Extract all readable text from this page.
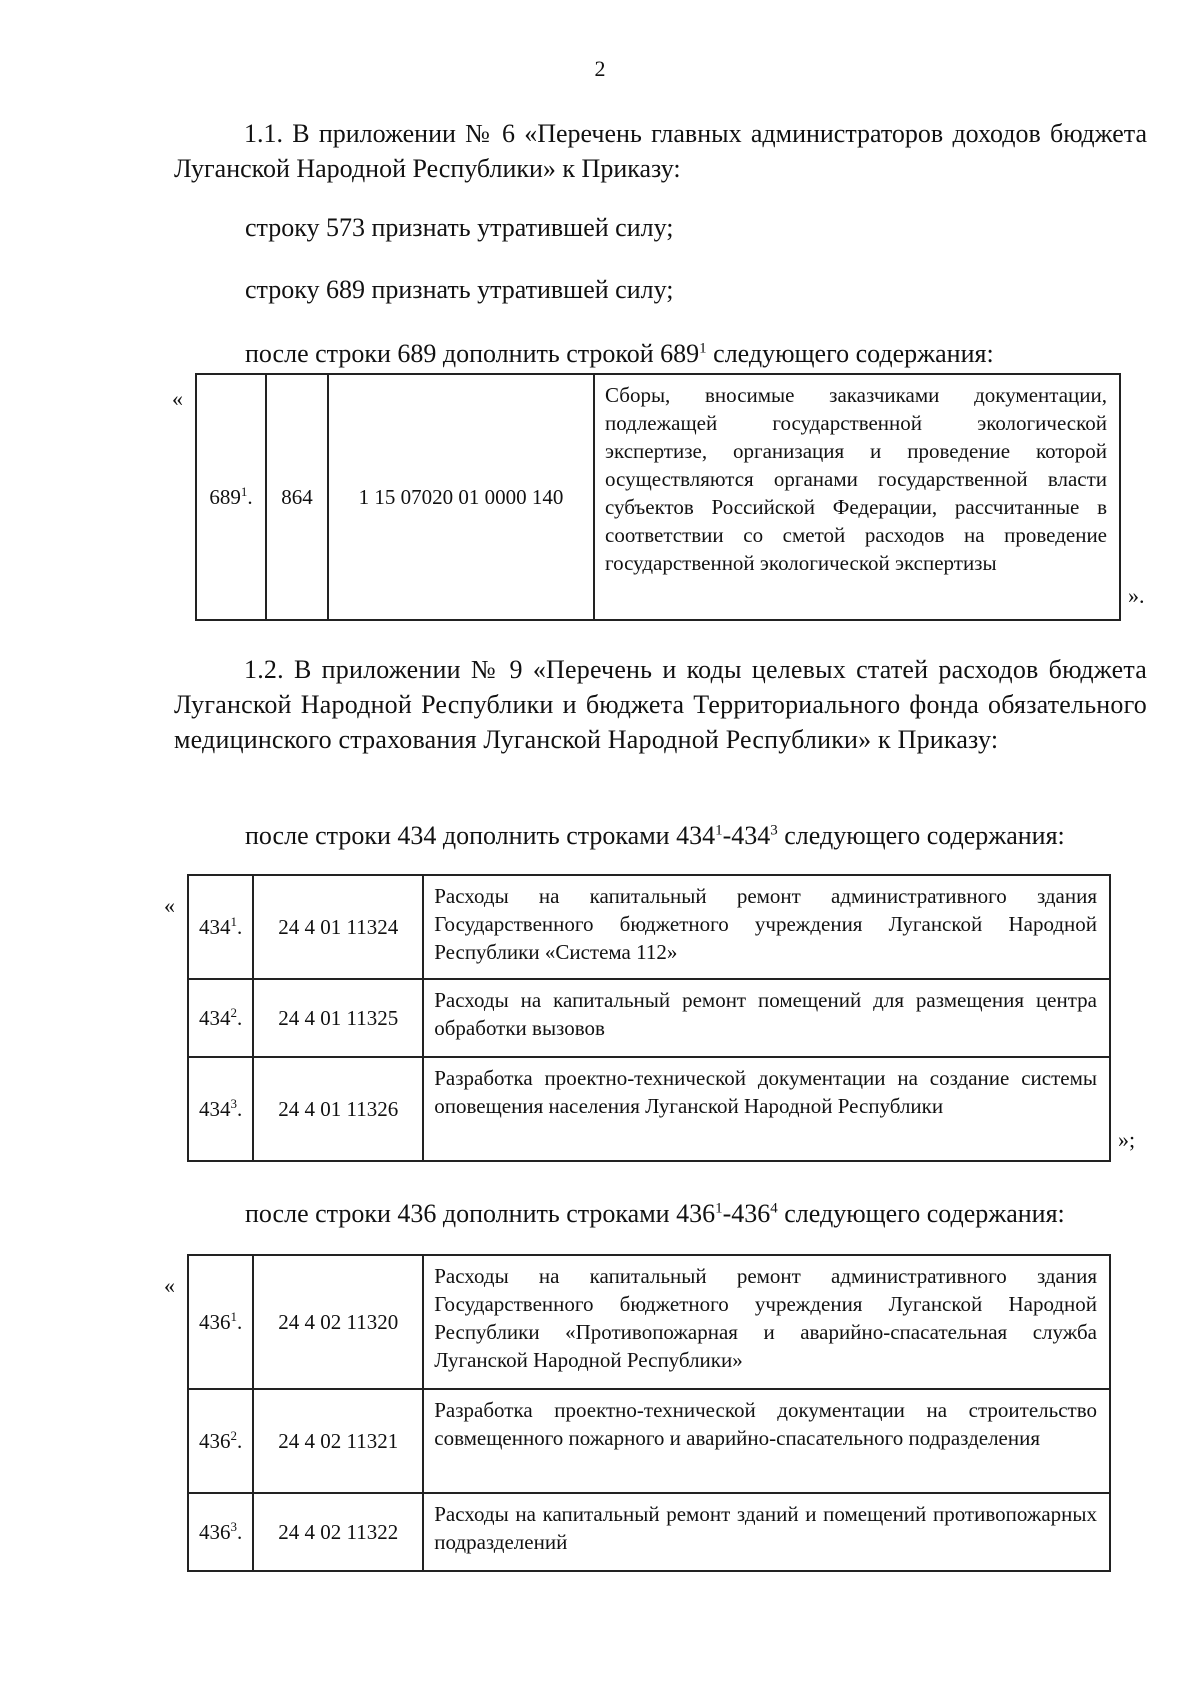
2
1.1. В приложении № 6 «Перечень главных администраторов доходов бюджета Луганской Народной Республики» к Приказу:
строку 573 признать утратившей силу;
строку 689 признать утратившей силу;
после строки 689 дополнить строкой $689^1$ следующего содержания:
«
$689^1$.	864	1 15 07020 01 0000 140	Сборы, вносимые заказчиками документации, подлежащей государственной экологической экспертизе, организация и проведение которой осуществляются органами государственной власти субъектов Российской Федерации, рассчитанные в соответствии со сметой расходов на проведение государственной экологической экспертизы
».
1.2. В приложении № 9 «Перечень и коды целевых статей расходов бюджета Луганской Народной Республики и бюджета Территориального фонда обязательного медицинского страхования Луганской Народной Республики» к Приказу:
после строки 434 дополнить строками $434^1-434^3$ следующего содержания:
«
$434^1$.	24 4 01 11324	Расходы на капитальный ремонт административного здания Государственного бюджетного учреждения Луганской Народной Республики «Система 112»
$434^2$.	24 4 01 11325	Расходы на капитальный ремонт помещений для размещения центра обработки вызовов
$434^3$.	24 4 01 11326	Разработка проектно-технической документации на создание системы оповещения населения Луганской Народной Республики
»;
после строки 436 дополнить строками $436^1-436^4$ следующего содержания:
«
$436^1$.	24 4 02 11320	Расходы на капитальный ремонт административного здания Государственного бюджетного учреждения Луганской Народной Республики «Противопожарная и аварийно-спасательная служба Луганской Народной Республики»
$436^2$.	24 4 02 11321	Разработка проектно-технической документации на строительство совмещенного пожарного и аварийно-спасательного подразделения
$436^3$.	24 4 02 11322	Расходы на капитальный ремонт зданий и помещений противопожарных подразделений
